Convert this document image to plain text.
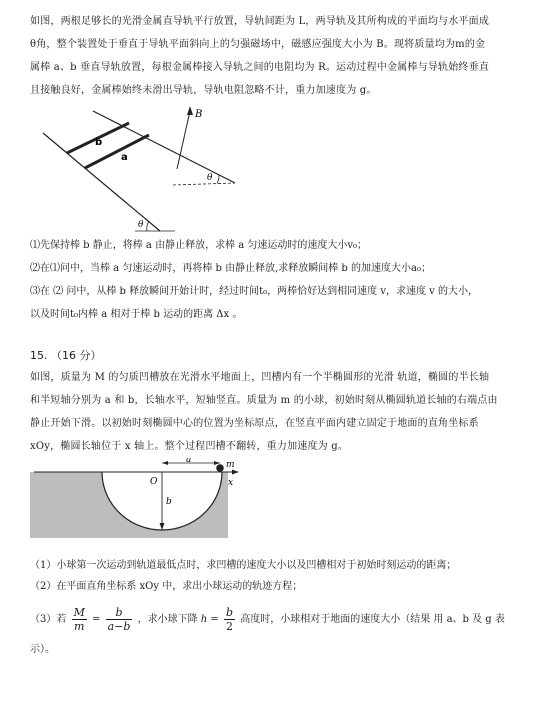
如图，两根足够长的光滑金属直导轨平行放置，导轨间距为 L，两导轨及其所构成的平面均与水平面成
θ角，整个装置处于垂直于导轨平面斜向上的匀强磁场中，磁感应强度大小为 B。现将质量均为m的金
属棒 a、b 垂直导轨放置，每根金属棒接入导轨之间的电阻均为 R。运动过程中金属棒与导轨始终垂直
且接触良好，金属棒始终未滑出导轨，导轨电阻忽略不计，重力加速度为 g。
b
a
B
θ
θ
⑴先保持棒 b 静止，将棒 a 由静止释放，求棒 a 匀速运动时的速度大小v₀；
⑵在⑴问中，当棒 a 匀速运动时，再将棒 b 由静止释放,求释放瞬间棒 b 的加速度大小a₀；
⑶在 ⑵ 问中，从棒 b 释放瞬间开始计时，经过时间t₀，两棒恰好达到相同速度 v，求速度 v 的大小，
以及时间t₀内棒 a 相对于棒 b 运动的距离 Δx 。
15. （16 分）
如图，质量为 M 的匀质凹槽放在光滑水平地面上，凹槽内有一个半椭圆形的光滑 轨道，椭圆的半长轴
和半短轴分别为 a 和 b，长轴水平，短轴竖直。质量为 m 的小球，初始时刻从椭圆轨道长轴的右端点由
静止开始下滑。以初始时刻椭圆中心的位置为坐标原点，在竖直平面内建立固定于地面的直角坐标系
xOy，椭圆长轴位于 x 轴上。整个过程凹槽不翻转，重力加速度为 g。
x
O
b
a	m
（1）小球第一次运动到轨道最低点时，求凹槽的速度大小以及凹槽相对于初始时刻运动的距离；
（2）在平面直角坐标系 xOy 中，求出小球运动的轨迹方程；
（3）若 $\frac{M}{m} = \frac{b}{a-b}$ ，求小球下降 $h = \frac{b}{2}$ 高度时，小球相对于地面的速度大小（结果 用 a、b 及 g 表
示）。
